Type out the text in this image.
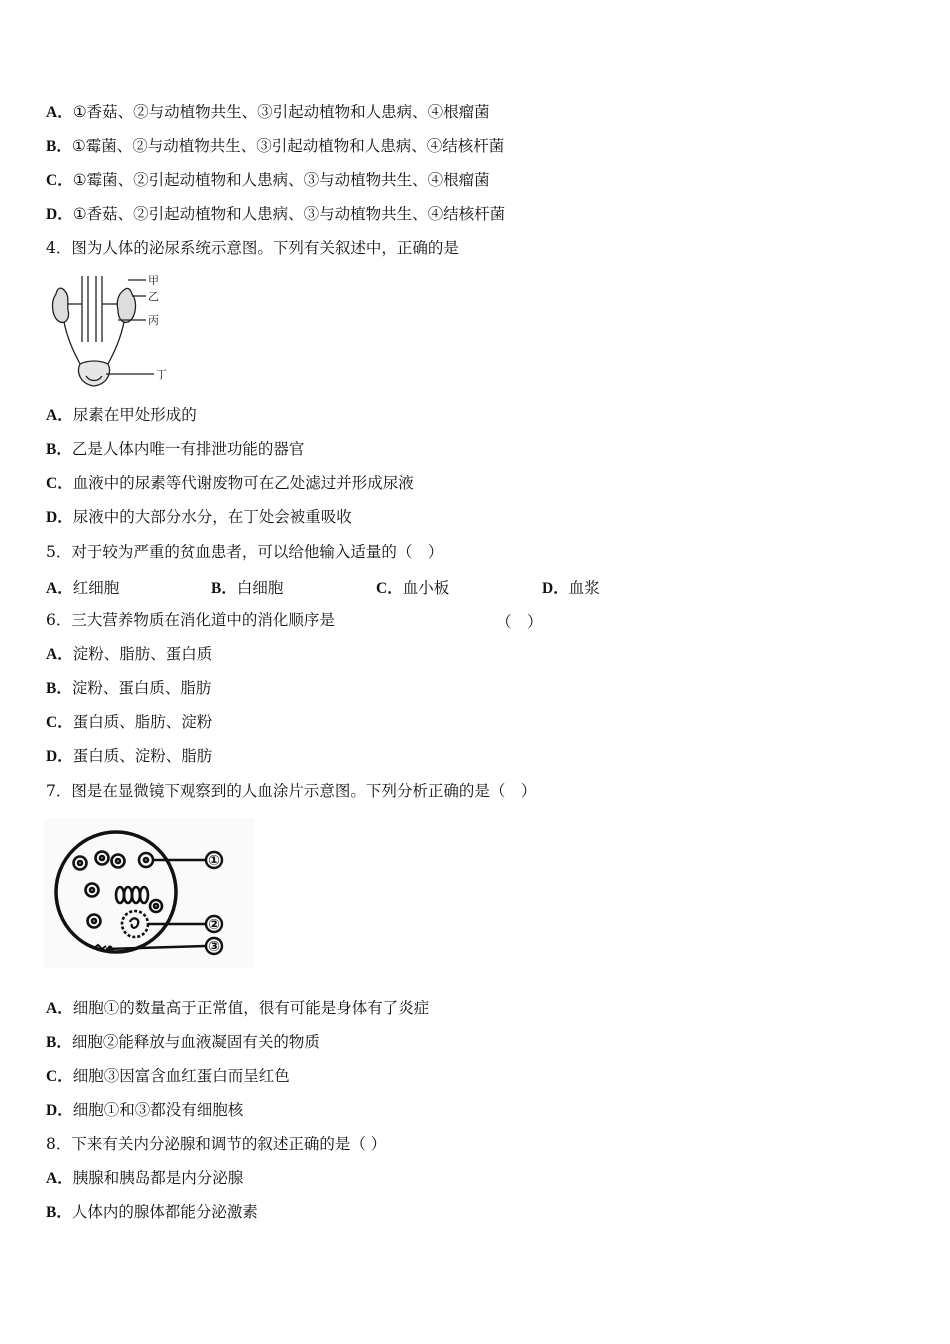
A．①香菇、②与动植物共生、③引起动植物和人患病、④根瘤菌
B．①霉菌、②与动植物共生、③引起动植物和人患病、④结核杆菌
C．①霉菌、②引起动植物和人患病、③与动植物共生、④根瘤菌
D．①香菇、②引起动植物和人患病、③与动植物共生、④结核杆菌
4．图为人体的泌尿系统示意图。下列有关叙述中，正确的是
甲
乙
丙
丁
A．尿素在甲处形成的
B．乙是人体内唯一有排泄功能的器官
C．血液中的尿素等代谢废物可在乙处滤过并形成尿液
D．尿液中的大部分水分，在丁处会被重吸收
5．对于较为严重的贫血患者，可以给他输入适量的（　）
A．红细胞	B．白细胞	C．血小板	D．血浆
6．三大营养物质在消化道中的消化顺序是	（　）
A．淀粉、脂肪、蛋白质
B．淀粉、蛋白质、脂肪
C．蛋白质、脂肪、淀粉
D．蛋白质、淀粉、脂肪
7．图是在显微镜下观察到的人血涂片示意图。下列分析正确的是（　）
①
②
③
A．细胞①的数量高于正常值，很有可能是身体有了炎症
B．细胞②能释放与血液凝固有关的物质
C．细胞③因富含血红蛋白而呈红色
D．细胞①和③都没有细胞核
8．下来有关内分泌腺和调节的叙述正确的是（ ）
A．胰腺和胰岛都是内分泌腺
B．人体内的腺体都能分泌激素
